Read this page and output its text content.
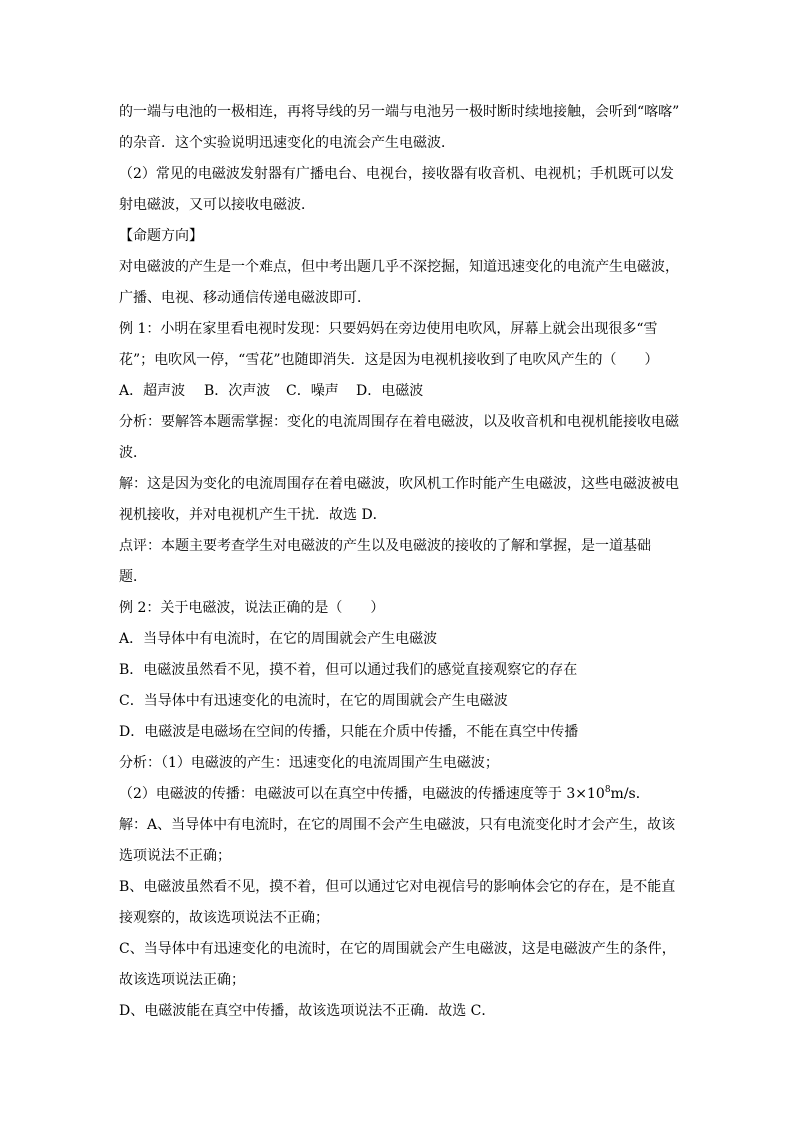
的一端与电池的一极相连，再将导线的另一端与电池另一极时断时续地接触，会听到“喀喀”
的杂音．这个实验说明迅速变化的电流会产生电磁波．
（2）常见的电磁波发射器有广播电台、电视台，接收器有收音机、电视机；手机既可以发
射电磁波，又可以接收电磁波．
【命题方向】
对电磁波的产生是一个难点，但中考出题几乎不深挖掘，知道迅速变化的电流产生电磁波，
广播、电视、移动通信传递电磁波即可．
例 1：小明在家里看电视时发现：只要妈妈在旁边使用电吹风，屏幕上就会出现很多“雪
花”；电吹风一停，“雪花”也随即消失．这是因为电视机接收到了电吹风产生的（　　）
A．超声波 B．次声波 C．噪声 D．电磁波
分析：要解答本题需掌握：变化的电流周围存在着电磁波，以及收音机和电视机能接收电磁
波．
解：这是因为变化的电流周围存在着电磁波，吹风机工作时能产生电磁波，这些电磁波被电
视机接收，并对电视机产生干扰．故选 D．
点评：本题主要考查学生对电磁波的产生以及电磁波的接收的了解和掌握，是一道基础
题．
例 2：关于电磁波，说法正确的是（　　）
A．当导体中有电流时，在它的周围就会产生电磁波
B．电磁波虽然看不见，摸不着，但可以通过我们的感觉直接观察它的存在
C．当导体中有迅速变化的电流时，在它的周围就会产生电磁波
D．电磁波是电磁场在空间的传播，只能在介质中传播，不能在真空中传播
分析：（1）电磁波的产生：迅速变化的电流周围产生电磁波；
（2）电磁波的传播：电磁波可以在真空中传播，电磁波的传播速度等于 $3\times 10^8m/s$．
解：A、当导体中有电流时，在它的周围不会产生电磁波，只有电流变化时才会产生，故该
选项说法不正确；
B、电磁波虽然看不见，摸不着，但可以通过它对电视信号的影响体会它的存在，是不能直
接观察的，故该选项说法不正确；
C、当导体中有迅速变化的电流时，在它的周围就会产生电磁波，这是电磁波产生的条件，
故该选项说法正确；
D、电磁波能在真空中传播，故该选项说法不正确．故选 C．
